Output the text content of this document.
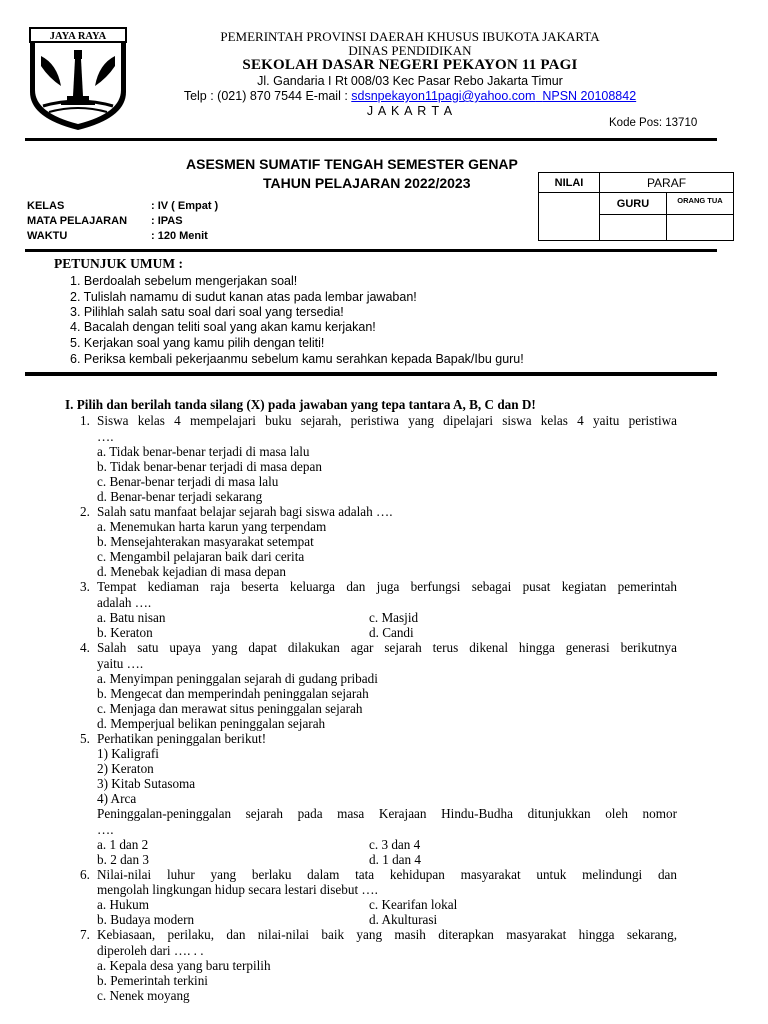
JAYA RAYA	PEMERINTAH PROVINSI DAERAH KHUSUS IBUKOTA JAKARTA
DINAS PENDIDIKAN
SEKOLAH DASAR NEGERI PEKAYON 11 PAGI
Jl. Gandaria I Rt 008/03 Kec Pasar Rebo Jakarta Timur
Telp : (021) 870 7544 E-mail : sdsnpekayon11pagi@yahoo.com NPSN 20108842
J A K A R T A
Kode Pos: 13710
ASESMEN SUMATIF TENGAH SEMESTER GENAP
TAHUN PELAJARAN 2022/2023
KELAS	: IV ( Empat )
MATA PELAJARAN : IPAS
WAKTU	: 120 Menit
NILAI	PARAF	
	GURU	ORANG TUA

PETUNJUK UMUM :
1. Berdoalah sebelum mengerjakan soal!
2. Tulislah namamu di sudut kanan atas pada lembar jawaban!
3. Pilihlah salah satu soal dari soal yang tersedia!
4. Bacalah dengan teliti soal yang akan kamu kerjakan!
5. Kerjakan soal yang kamu pilih dengan teliti!
6. Periksa kembali pekerjaanmu sebelum kamu serahkan kepada Bapak/Ibu guru!
I. Pilih dan berilah tanda silang (X) pada jawaban yang tepa tantara A, B, C dan D!
1. Siswa kelas 4 mempelajari buku sejarah, peristiwa yang dipelajari siswa kelas 4 yaitu peristiwa
….
a. Tidak benar-benar terjadi di masa lalu
b. Tidak benar-benar terjadi di masa depan
c. Benar-benar terjadi di masa lalu
d. Benar-benar terjadi sekarang
2. Salah satu manfaat belajar sejarah bagi siswa adalah ….
a. Menemukan harta karun yang terpendam
b. Mensejahterakan masyarakat setempat
c. Mengambil pelajaran baik dari cerita
d. Menebak kejadian di masa depan
3. Tempat kediaman raja beserta keluarga dan juga berfungsi sebagai pusat kegiatan pemerintah
adalah ….
a. Batu nisan	c. Masjid
b. Keraton	d. Candi
4. Salah satu upaya yang dapat dilakukan agar sejarah terus dikenal hingga generasi berikutnya
yaitu ….
a. Menyimpan peninggalan sejarah di gudang pribadi
b. Mengecat dan memperindah peninggalan sejarah
c. Menjaga dan merawat situs peninggalan sejarah
d. Memperjual belikan peninggalan sejarah
5. Perhatikan peninggalan berikut!
1) Kaligrafi
2) Keraton
3) Kitab Sutasoma
4) Arca
Peninggalan-peninggalan sejarah pada masa Kerajaan Hindu-Budha ditunjukkan oleh nomor
….
a. 1 dan 2	c. 3 dan 4
b. 2 dan 3	d. 1 dan 4
6. Nilai-nilai luhur yang berlaku dalam tata kehidupan masyarakat untuk melindungi dan
mengolah lingkungan hidup secara lestari disebut ….
a. Hukum	c. Kearifan lokal
b. Budaya modern	d. Akulturasi
7. Kebiasaan, perilaku, dan nilai-nilai baik yang masih diterapkan masyarakat hingga sekarang,
diperoleh dari …. . .
a. Kepala desa yang baru terpilih
b. Pemerintah terkini
c. Nenek moyang
